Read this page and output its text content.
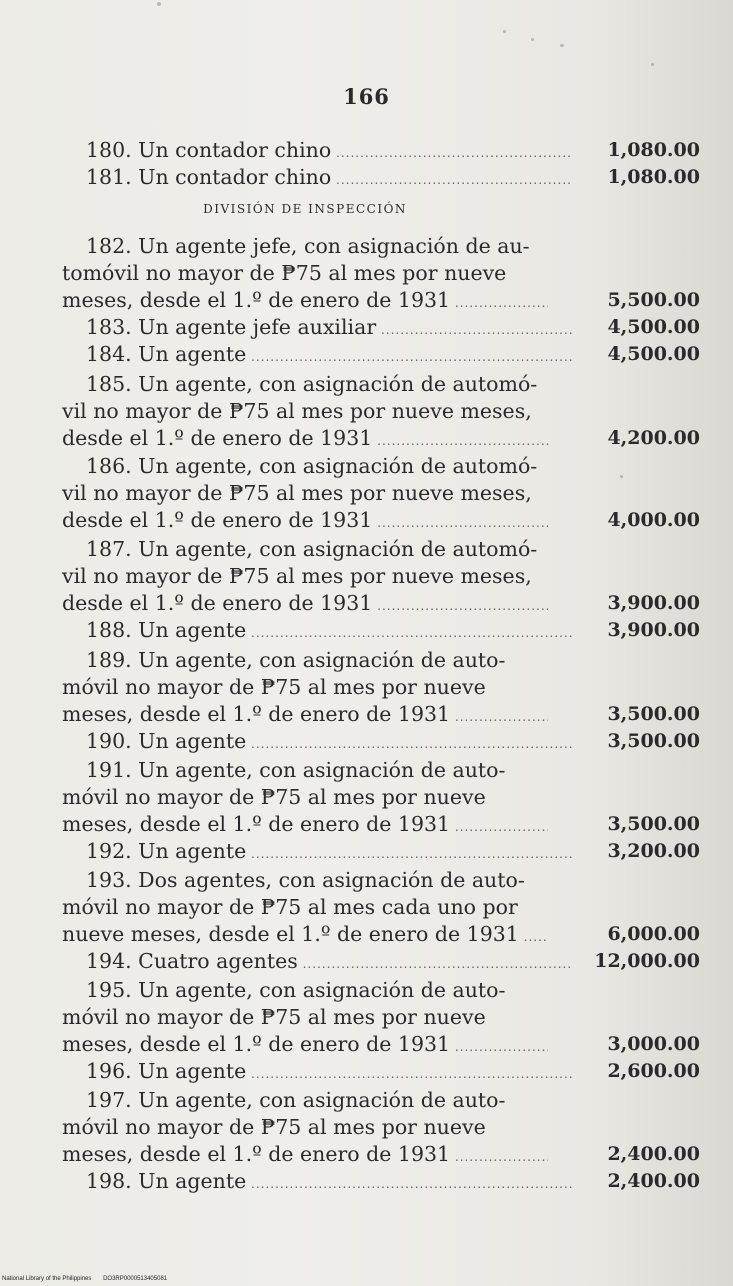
166
DIVISIÓN DE INSPECCIÓN
180. Un contador chino .....	1,080.00
181. Un contador chino .....	1,080.00
182. Un agente jefe, con asignación de au-
tomóvil no mayor de ₱75 al mes por nueve
meses, desde el 1.º de enero de 1931 .....	5,500.00
183. Un agente jefe auxiliar .....	4,500.00
184. Un agente .....	4,500.00
185. Un agente, con asignación de automó-
vil no mayor de ₱75 al mes por nueve meses,
desde el 1.º de enero de 1931 .....	4,200.00
186. Un agente, con asignación de automó-
vil no mayor de ₱75 al mes por nueve meses,
desde el 1.º de enero de 1931 .....	4,000.00
187. Un agente, con asignación de automó-
vil no mayor de ₱75 al mes por nueve meses,
desde el 1.º de enero de 1931 .....	3,900.00
188. Un agente .....	3,900.00
189. Un agente, con asignación de auto-
móvil no mayor de ₱75 al mes por nueve
meses, desde el 1.º de enero de 1931 .....	3,500.00
190. Un agente .....	3,500.00
191. Un agente, con asignación de auto-
móvil no mayor de ₱75 al mes por nueve
meses, desde el 1.º de enero de 1931 .....	3,500.00
192. Un agente .....	3,200.00
193. Dos agentes, con asignación de auto-
móvil no mayor de ₱75 al mes cada uno por
nueve meses, desde el 1.º de enero de 1931 .....	6,000.00
194. Cuatro agentes .....	12,000.00
195. Un agente, con asignación de auto-
móvil no mayor de ₱75 al mes por nueve
meses, desde el 1.º de enero de 1931 .....	3,000.00
196. Un agente .....	2,600.00
197. Un agente, con asignación de auto-
móvil no mayor de ₱75 al mes por nueve
meses, desde el 1.º de enero de 1931 .....	2,400.00
198. Un agente .....	2,400.00
National Library of the Philippines DO3RP0000513405081
